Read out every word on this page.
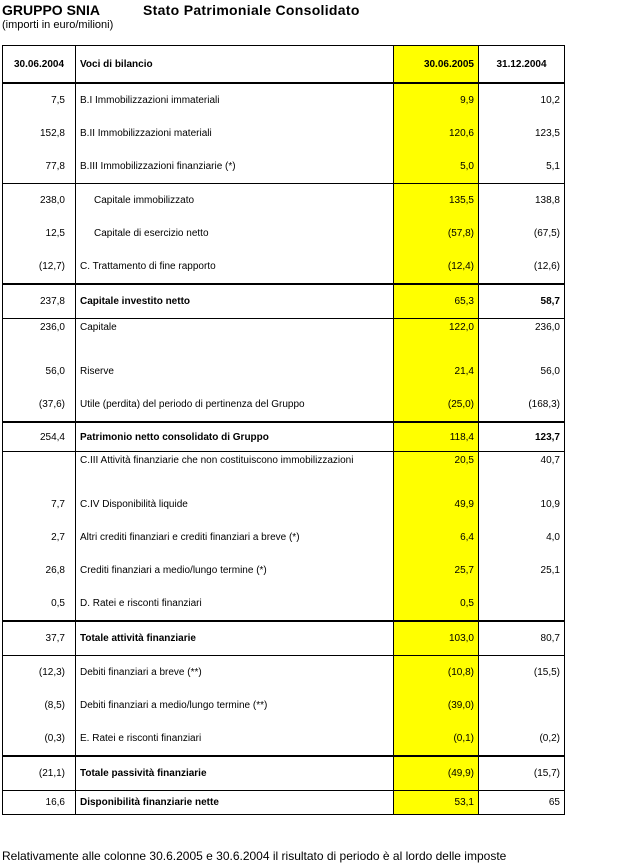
GRUPPO SNIA	Stato Patrimoniale Consolidato
(importi in euro/milioni)
30.06.2004	Voci di bilancio	30.06.2005	31.12.2004
7,5	B.I Immobilizzazioni immateriali	9,9	10,2
152,8	B.II Immobilizzazioni materiali	120,6	123,5
77,8	B.III Immobilizzazioni finanziarie (*)	5,0	5,1
238,0	Capitale immobilizzato	135,5	138,8
12,5	Capitale di esercizio netto	(57,8)	(67,5)
(12,7)	C. Trattamento di fine rapporto	(12,4)	(12,6)
237,8	Capitale investito netto	65,3	58,7
236,0	Capitale	122,0	236,0
56,0	Riserve	21,4	56,0
(37,6)	Utile (perdita) del periodo di pertinenza del Gruppo	(25,0)	(168,3)
254,4	Patrimonio netto consolidato di Gruppo	118,4	123,7
	C.III Attività finanziarie che non costituiscono immobilizzazioni	20,5	40,7
7,7	C.IV Disponibilità liquide	49,9	10,9
2,7	Altri crediti finanziari e crediti finanziari a breve (*)	6,4	4,0
26,8	Crediti finanziari a medio/lungo termine (*)	25,7	25,1
0,5	D. Ratei e risconti finanziari	0,5	
37,7	Totale attività finanziarie	103,0	80,7
(12,3)	Debiti finanziari a breve (**)	(10,8)	(15,5)
(8,5)	Debiti finanziari a medio/lungo termine (**)	(39,0)	
(0,3)	E. Ratei e risconti finanziari	(0,1)	(0,2)
(21,1)	Totale passività finanziarie	(49,9)	(15,7)
16,6	Disponibilità finanziarie nette	53,1	65
Relativamente alle colonne 30.6.2005 e 30.6.2004 il risultato di periodo è al lordo delle imposte
